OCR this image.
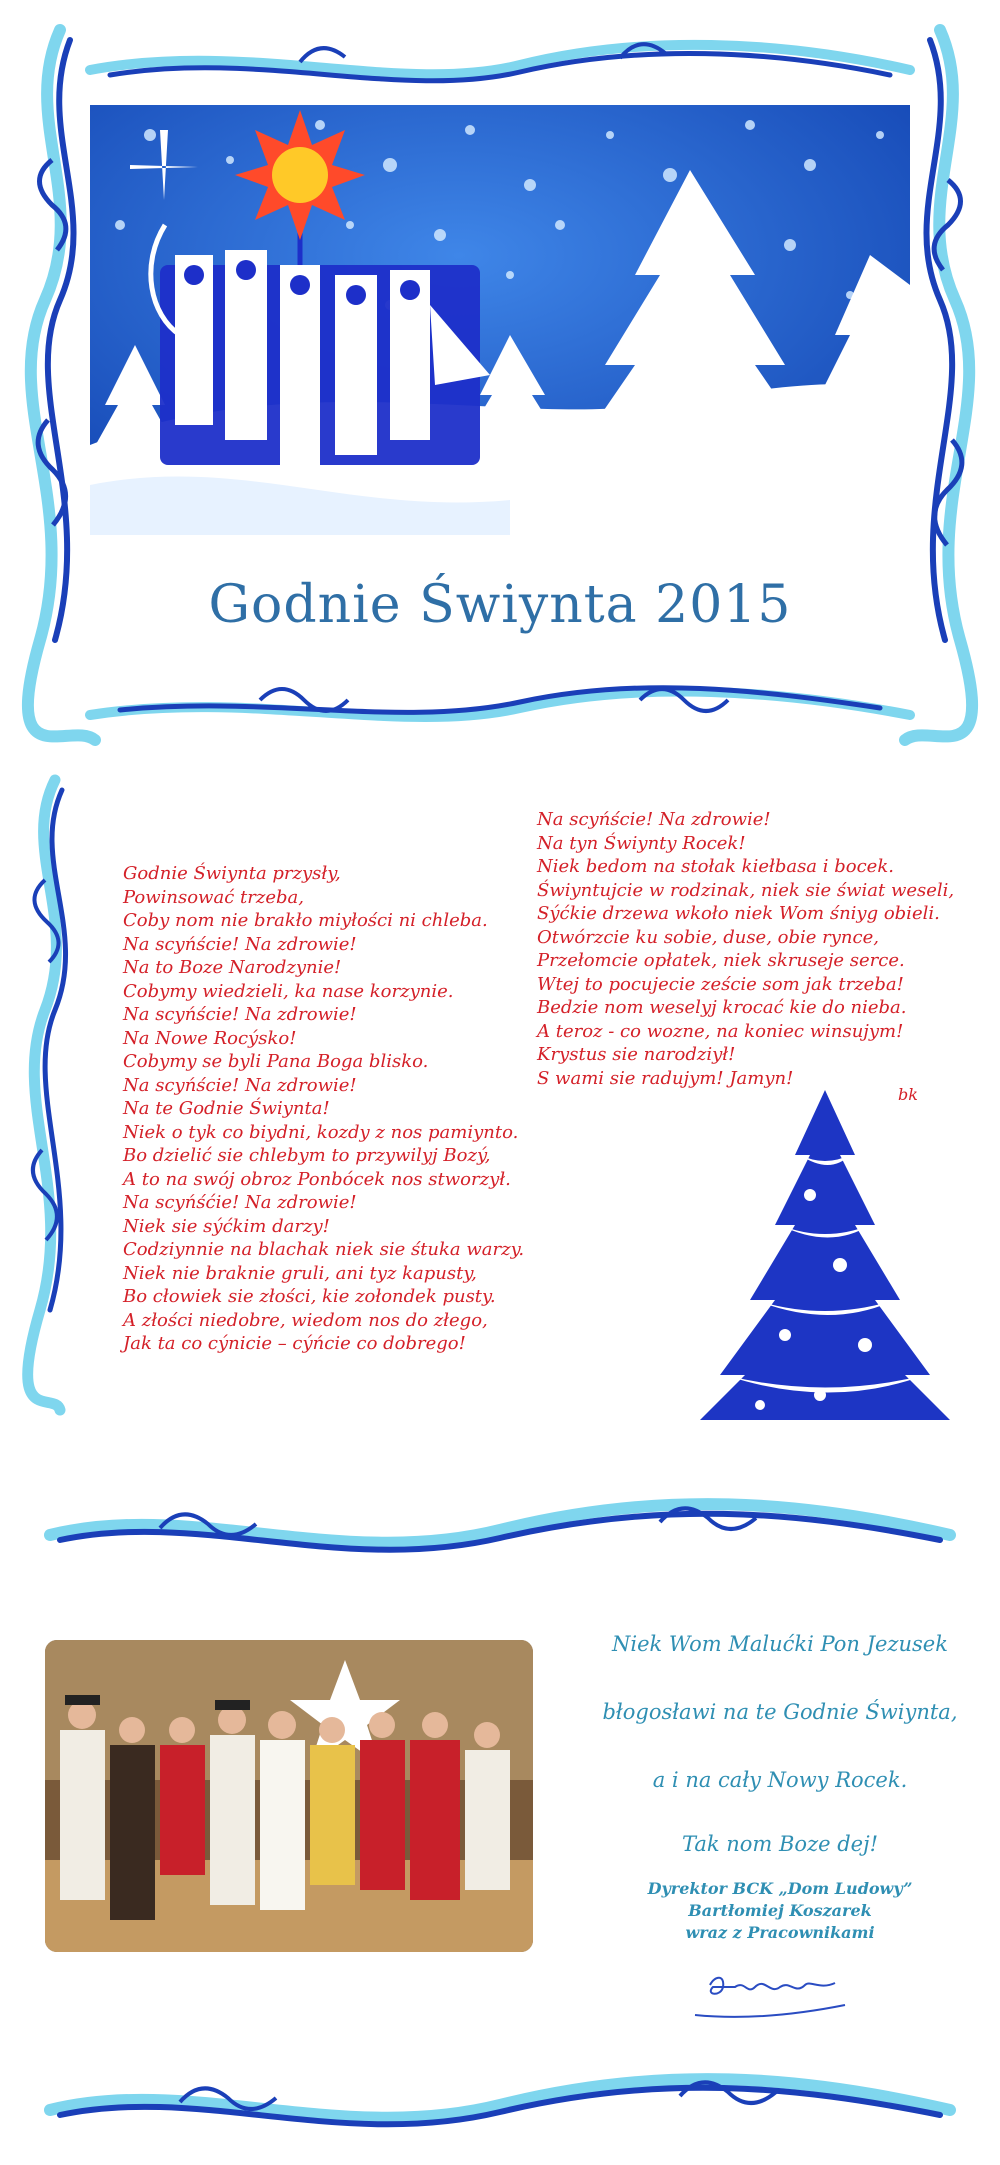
Godnie Świynta 2015
Godnie Świynta przysły,
Powinsować trzeba,
Coby nom nie brakło miyłości ni chleba.
Na scyńście! Na zdrowie!
Na to Boze Narodzynie!
Cobymy wiedzieli, ka nase korzynie.
Na scyńście! Na zdrowie!
Na Nowe Rocýsko!
Cobymy se byli Pana Boga blisko.
Na scyńście! Na zdrowie!
Na te Godnie Świynta!
Niek o tyk co biydni, kozdy z nos pamiynto.
Bo dzielić sie chlebym to przywilyj Bozý,
A to na swój obroz Ponbócek nos stworzył.
Na scyńśćie! Na zdrowie!
Niek sie sýćkim darzy!
Codziynnie na blachak niek sie śtuka warzy.
Niek nie braknie gruli, ani tyz kapusty,
Bo cłowiek sie złości, kie zołondek pusty.
A złości niedobre, wiedom nos do złego,
Jak ta co cýnicie – cýńcie co dobrego!
Na scyńście! Na zdrowie!
Na tyn Świynty Rocek!
Niek bedom na stołak kiełbasa i bocek.
Świyntujcie w rodzinak, niek sie świat weseli,
Sýćkie drzewa wkoło niek Wom śniyg obieli.
Otwórzcie ku sobie, duse, obie rynce,
Przełomcie opłatek, niek skruseje serce.
Wtej to pocujecie zeście som jak trzeba!
Bedzie nom weselyj krocać kie do nieba.
A teroz - co wozne, na koniec winsujym!
Krystus sie narodziył!
S wami sie radujym! Jamyn!
bk
Niek Wom Malućki Pon Jezusek
błogosławi na te Godnie Świynta,
a i na cały Nowy Rocek.
Tak nom Boze dej!
Dyrektor BCK „Dom Ludowy”
Bartłomiej Koszarek
wraz z Pracownikami
